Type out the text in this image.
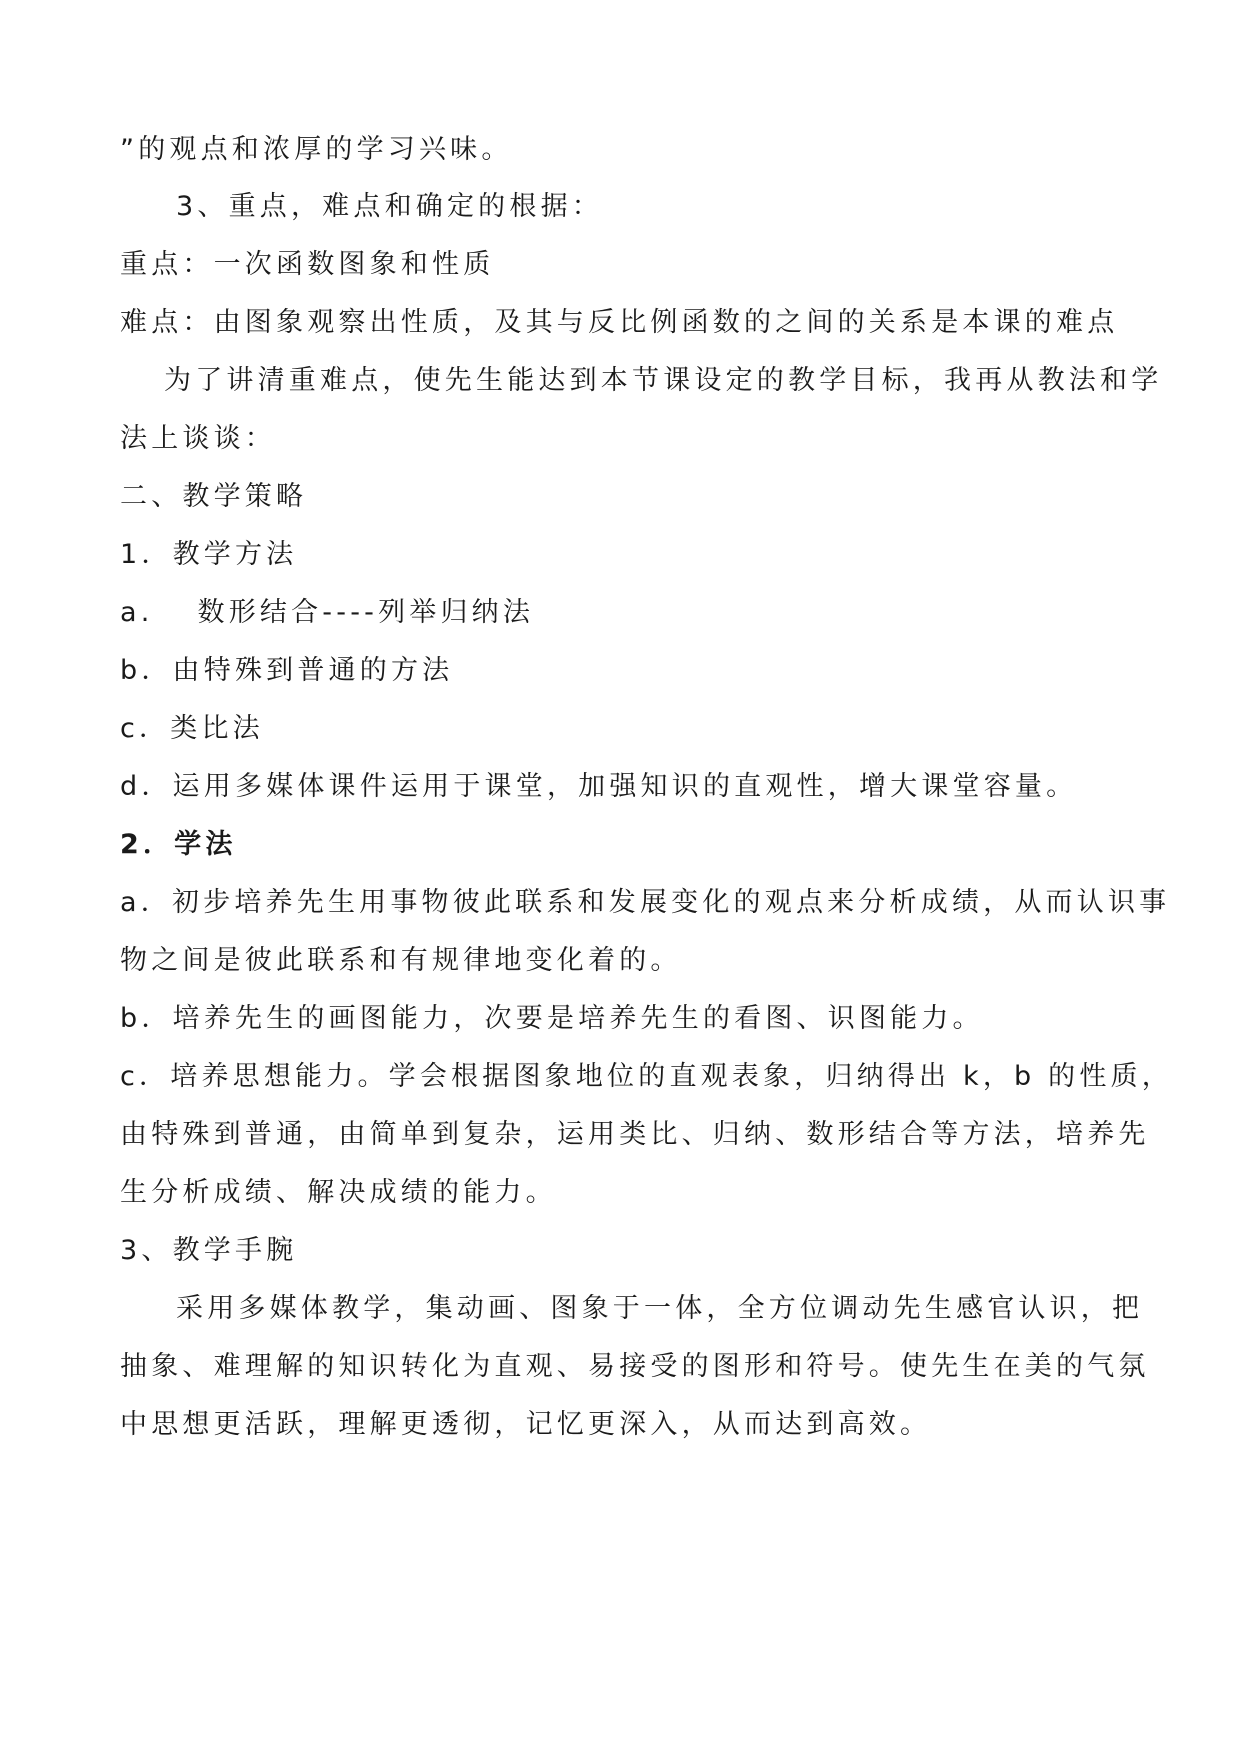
”的观点和浓厚的学习兴味。
3、重点，难点和确定的根据：
重点：一次函数图象和性质
难点：由图象观察出性质，及其与反比例函数的之间的关系是本课的难点
为了讲清重难点，使先生能达到本节课设定的教学目标，我再从教法和学
法上谈谈：
二、教学策略
1．教学方法
a.　 数形结合----列举归纳法
b．由特殊到普通的方法
c．类比法
d．运用多媒体课件运用于课堂，加强知识的直观性，增大课堂容量。
2．学法
a．初步培养先生用事物彼此联系和发展变化的观点来分析成绩，从而认识事
物之间是彼此联系和有规律地变化着的。
b．培养先生的画图能力，次要是培养先生的看图、识图能力。
c．培养思想能力。学会根据图象地位的直观表象，归纳得出 k，b 的性质，
由特殊到普通，由简单到复杂，运用类比、归纳、数形结合等方法，培养先
生分析成绩、解决成绩的能力。
3、教学手腕
采用多媒体教学，集动画、图象于一体，全方位调动先生感官认识，把
抽象、难理解的知识转化为直观、易接受的图形和符号。使先生在美的气氛
中思想更活跃，理解更透彻，记忆更深入，从而达到高效。
